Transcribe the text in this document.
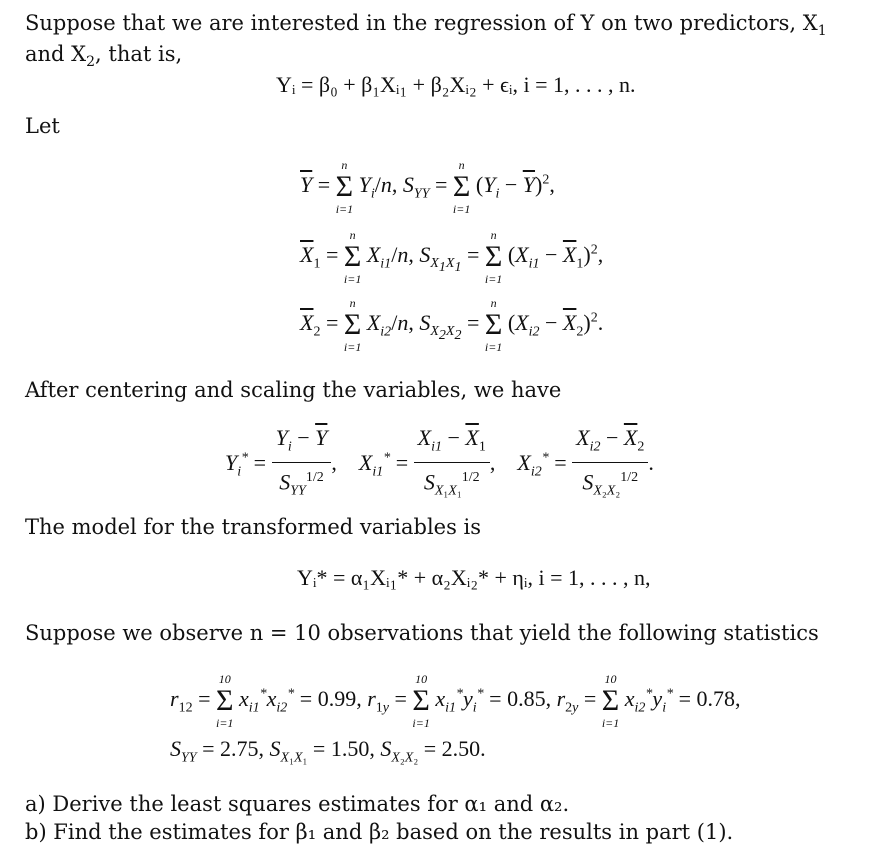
Suppose that we are interested in the regression of Y on two predictors, $X_1$
and $X_2$, that is,
Yᵢ = β₀ + β₁Xᵢ₁ + β₂Xᵢ₂ + ϵᵢ, i = 1, . . . , n.
Let
$\overline{Y}$ =
n
Σ
i=1
$Y_i/n$, $S_{YY}$ =
n
Σ
i=1
$(Y_i - \overline{Y})^2$,
$\overline{X}_1$ =
n
Σ
i=1
$X_{i1}/n$, $S_{X_1X_1}$ =
n
Σ
i=1
$(X_{i1} - \overline{X}_1)^2$,
$\overline{X}_2$ =
n
Σ
i=1
$X_{i2}/n$, $S_{X_2X_2}$ =
n
Σ
i=1
$(X_{i2} - \overline{X}_2)^2$.
After centering and scaling the variables, we have
$Y_i^* = \frac{Y_i - \overline{Y}}{S_{YY}^{1/2}}$ ,    $X_{i1}^* = \frac{X_{i1} - \overline{X}_1}{S_{X_1X_1}^{1/2}}$ ,    $X_{i2}^* = \frac{X_{i2} - \overline{X}_2}{S_{X_2X_2}^{1/2}}$ .
The model for the transformed variables is
Yᵢ* = α₁Xᵢ₁* + α₂Xᵢ₂* + ηᵢ, i = 1, . . . , n,
Suppose we observe n = 10 observations that yield the following statistics
$r_{12}$ =
10
Σ
i=1
$x_{i1}^*x_{i2}^* = 0.99$, $r_{1y}$ =
10
Σ
i=1
$x_{i1}^*y_i^* = 0.85$, $r_{2y}$ =
10
Σ
i=1
$x_{i2}^*y_i^* = 0.78$,
$S_{YY} = 2.75$, $S_{X_1X_1} = 1.50$, $S_{X_2X_2} = 2.50$.
a) Derive the least squares estimates for α₁ and α₂.
b) Find the estimates for β₁ and β₂ based on the results in part (1).
